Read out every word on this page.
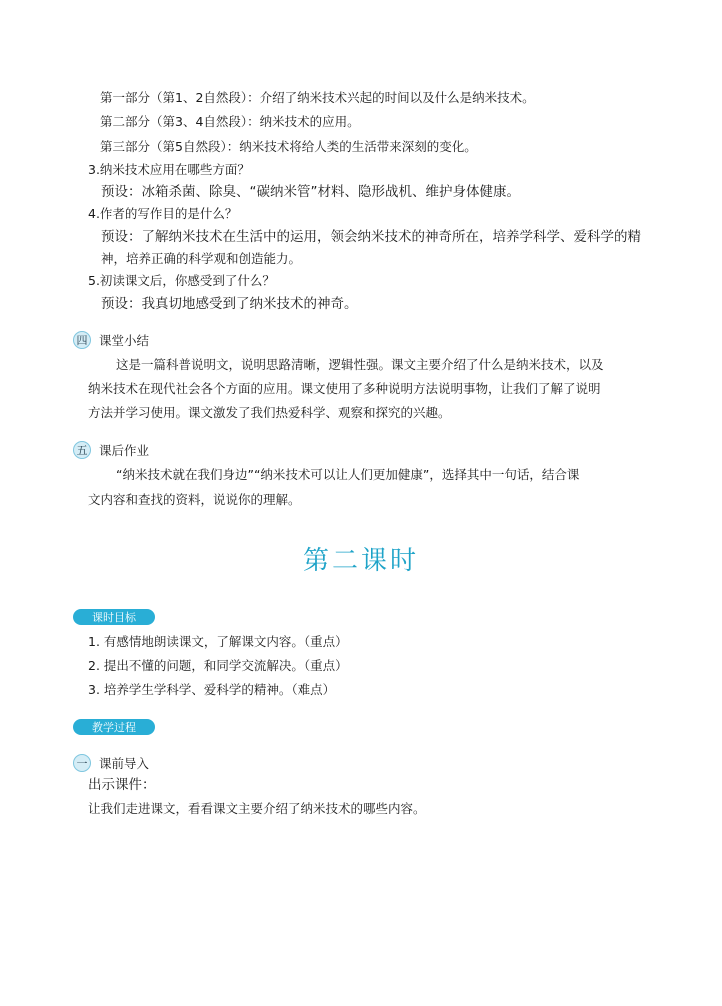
第一部分（第1、2自然段）：介绍了纳米技术兴起的时间以及什么是纳米技术。
第二部分（第3、4自然段）：纳米技术的应用。
第三部分（第5自然段）：纳米技术将给人类的生活带来深刻的变化。
3.纳米技术应用在哪些方面？
预设：冰箱杀菌、除臭、“碳纳米管”材料、隐形战机、维护身体健康。
4.作者的写作目的是什么？
预设：了解纳米技术在生活中的运用，领会纳米技术的神奇所在，培养学科学、爱科学的精
神，培养正确的科学观和创造能力。
5.初读课文后，你感受到了什么？
预设：我真切地感受到了纳米技术的神奇。
四 课堂小结
这是一篇科普说明文，说明思路清晰，逻辑性强。课文主要介绍了什么是纳米技术，以及
纳米技术在现代社会各个方面的应用。课文使用了多种说明方法说明事物，让我们了解了说明
方法并学习使用。课文激发了我们热爱科学、观察和探究的兴趣。
五 课后作业
“纳米技术就在我们身边”“纳米技术可以让人们更加健康”，选择其中一句话，结合课
文内容和查找的资料，说说你的理解。
第二课时
课时目标
1. 有感情地朗读课文，了解课文内容。（重点）
2. 提出不懂的问题，和同学交流解决。（重点）
3. 培养学生学科学、爱科学的精神。（难点）
教学过程
一 课前导入
出示课件：
让我们走进课文，看看课文主要介绍了纳米技术的哪些内容。
